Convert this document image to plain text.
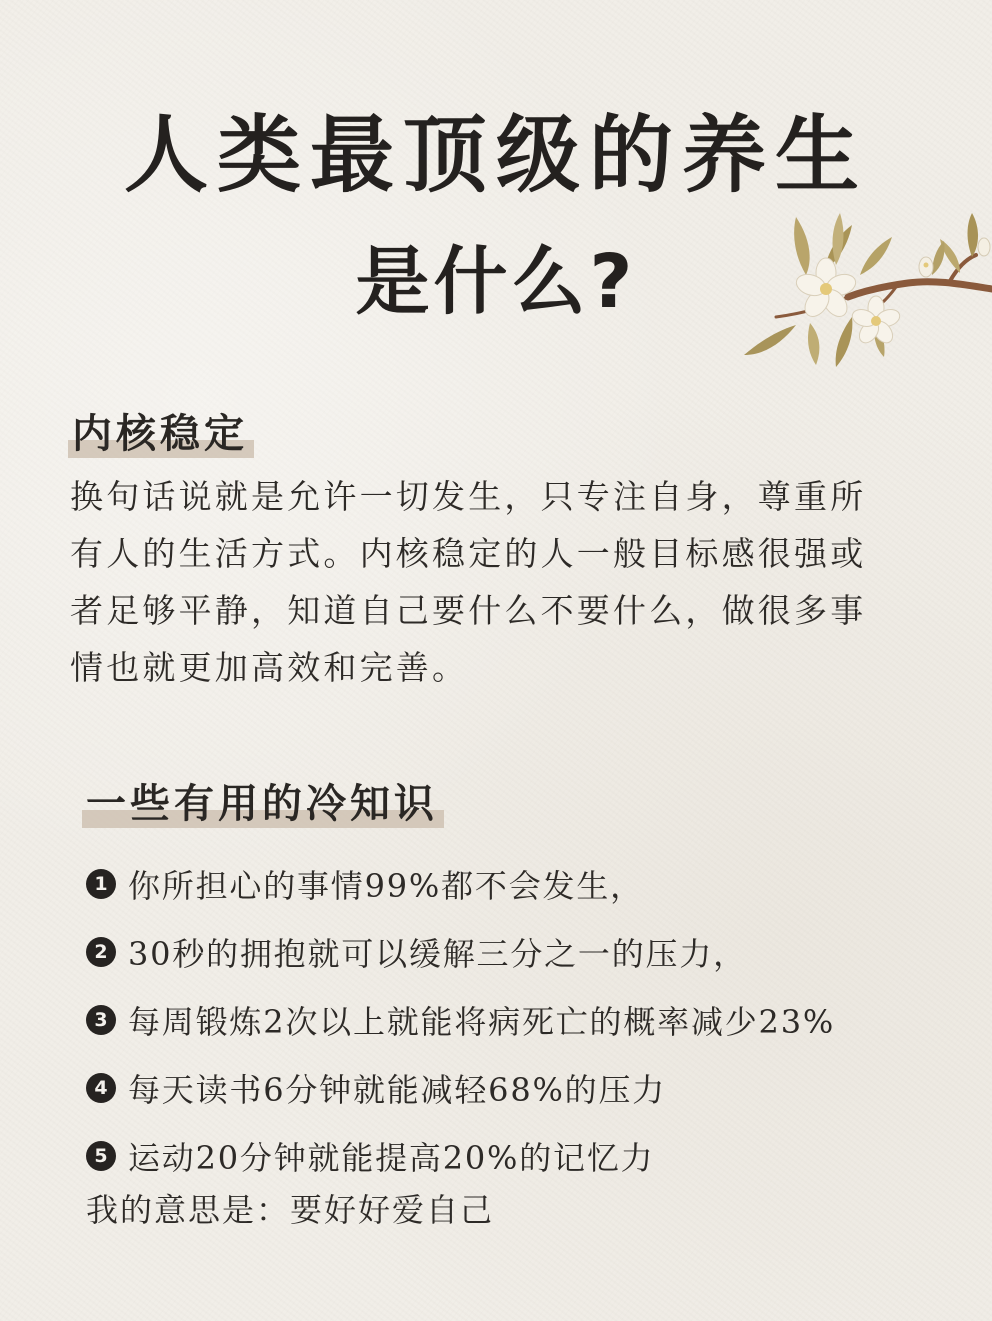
人类最顶级的养生
是什么?
内核稳定

换句话说就是允许一切发生，只专注自身，尊重所
有人的生活方式。内核稳定的人一般目标感很强或
者足够平静，知道自己要什么不要什么，做很多事
情也就更加高效和完善。

一些有用的冷知识
1 你所担心的事情99%都不会发生，
2 30秒的拥抱就可以缓解三分之一的压力，
3 每周锻炼2次以上就能将病死亡的概率减少23%
4 每天读书6分钟就能减轻68%的压力
5 运动20分钟就能提高20%的记忆力

我的意思是：要好好爱自己
